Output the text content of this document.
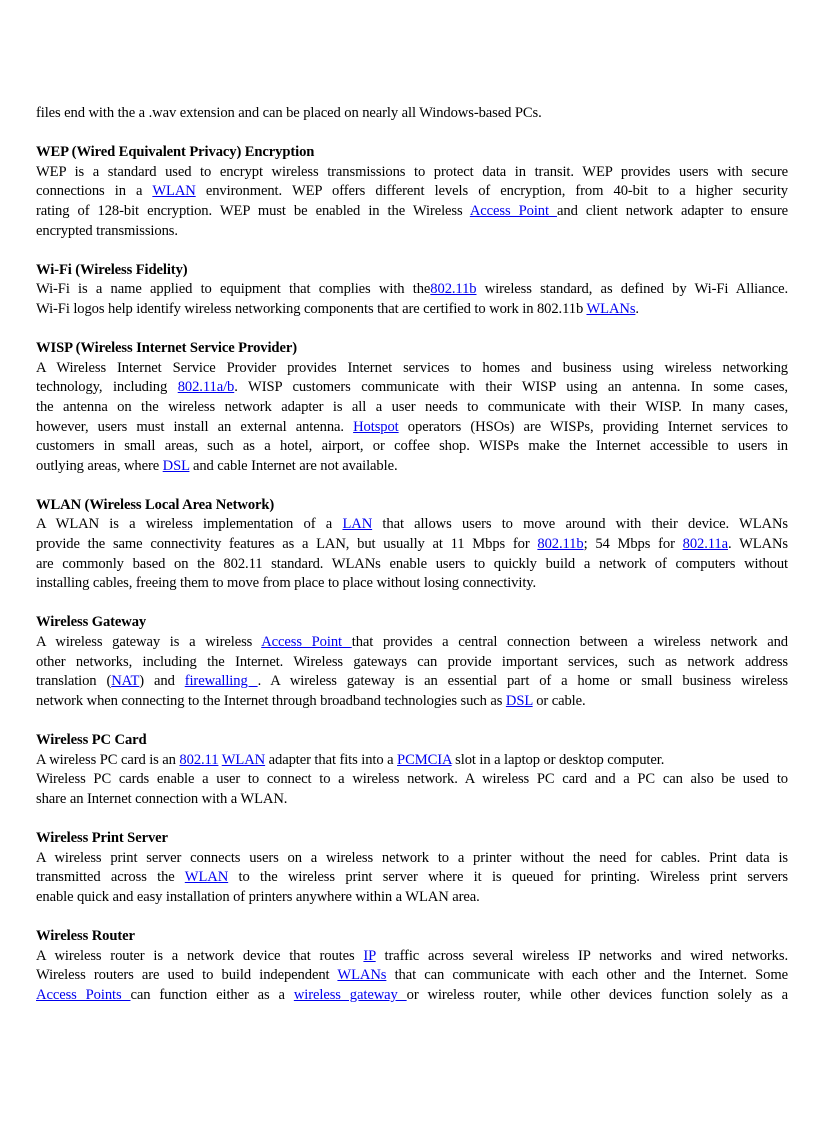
files end with the a .wav extension and can be placed on nearly all Windows-based PCs.
WEP (Wired Equivalent Privacy) Encryption
WEP is a standard used to encrypt wireless transmissions to protect data in transit. WEP provides users with secure
connections in a WLAN environment. WEP offers different levels of encryption, from 40-bit to a higher security
rating of 128-bit encryption. WEP must be enabled in the Wireless Access Point and client network adapter to ensure
encrypted transmissions.
Wi-Fi (Wireless Fidelity)
Wi-Fi is a name applied to equipment that complies with the802.11b wireless standard, as defined by Wi-Fi Alliance.
Wi-Fi logos help identify wireless networking components that are certified to work in 802.11b WLANs.
WISP (Wireless Internet Service Provider)
A Wireless Internet Service Provider provides Internet services to homes and business using wireless networking
technology, including 802.11a/b. WISP customers communicate with their WISP using an antenna. In some cases,
the antenna on the wireless network adapter is all a user needs to communicate with their WISP. In many cases,
however, users must install an external antenna. Hotspot operators (HSOs) are WISPs, providing Internet services to
customers in small areas, such as a hotel, airport, or coffee shop. WISPs make the Internet accessible to users in
outlying areas, where DSL and cable Internet are not available.
WLAN (Wireless Local Area Network)
A WLAN is a wireless implementation of a LAN that allows users to move around with their device. WLANs
provide the same connectivity features as a LAN, but usually at 11 Mbps for 802.11b; 54 Mbps for 802.11a. WLANs
are commonly based on the 802.11 standard. WLANs enable users to quickly build a network of computers without
installing cables, freeing them to move from place to place without losing connectivity.
Wireless Gateway
A wireless gateway is a wireless Access Point that provides a central connection between a wireless network and
other networks, including the Internet. Wireless gateways can provide important services, such as network address
translation (NAT) and firewalling . A wireless gateway is an essential part of a home or small business wireless
network when connecting to the Internet through broadband technologies such as DSL or cable.
Wireless PC Card
A wireless PC card is an 802.11 WLAN adapter that fits into a PCMCIA slot in a laptop or desktop computer.
Wireless PC cards enable a user to connect to a wireless network. A wireless PC card and a PC can also be used to
share an Internet connection with a WLAN.
Wireless Print Server
A wireless print server connects users on a wireless network to a printer without the need for cables. Print data is
transmitted across the WLAN to the wireless print server where it is queued for printing. Wireless print servers
enable quick and easy installation of printers anywhere within a WLAN area.
Wireless Router
A wireless router is a network device that routes IP traffic across several wireless IP networks and wired networks.
Wireless routers are used to build independent WLANs that can communicate with each other and the Internet. Some
Access Points can function either as a wireless gateway or wireless router, while other devices function solely as a
